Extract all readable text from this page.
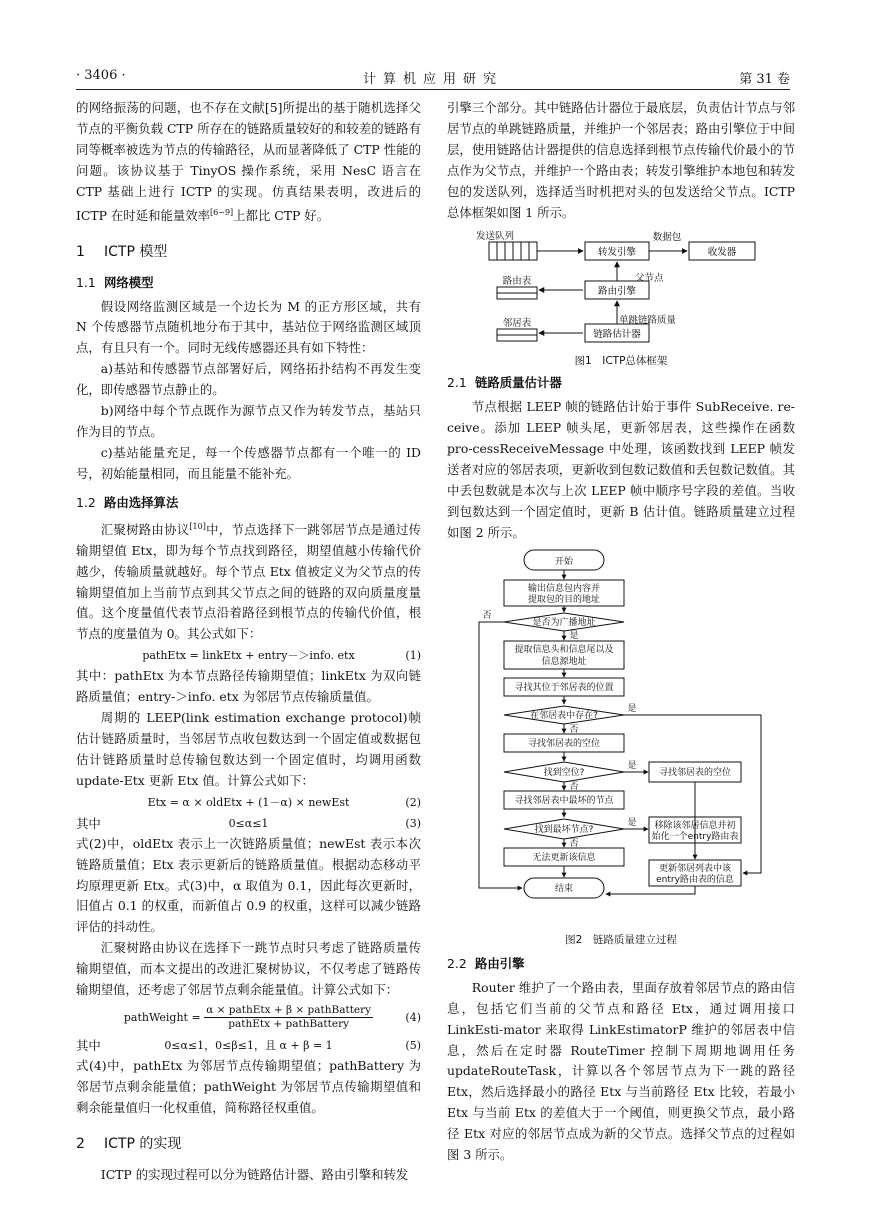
· 3406 ·	计算机应用研究	第 31 卷

的网络振荡的问题，也不存在文献[5]所提出的基于随机选择父节点的平衡负载 CTP 所存在的链路质量较好的和较差的链路有同等概率被选为节点的传输路径，从而显著降低了 CTP 性能的问题。该协议基于 TinyOS 操作系统，采用 NesC 语言在 CTP 基础上进行 ICTP 的实现。仿真结果表明，改进后的 ICTP 在时延和能量效率[6~9]上都比 CTP 好。

1 ICTP 模型
1.1 网络模型

假设网络监测区域是一个边长为 M 的正方形区域，共有 N 个传感器节点随机地分布于其中，基站位于网络监测区域顶点，有且只有一个。同时无线传感器还具有如下特性：

a)基站和传感器节点部署好后，网络拓扑结构不再发生变化，即传感器节点静止的。

b)网络中每个节点既作为源节点又作为转发节点，基站只作为目的节点。

c)基站能量充足，每一个传感器节点都有一个唯一的 ID 号，初始能量相同，而且能量不能补充。

1.2 路由选择算法

汇聚树路由协议[10]中，节点选择下一跳邻居节点是通过传输期望值 Etx，即为每个节点找到路径，期望值越小传输代价越少，传输质量就越好。每个节点 Etx 值被定义为父节点的传输期望值加上当前节点到其父节点之间的链路的双向质量度量值。这个度量值代表节点沿着路径到根节点的传输代价值，根节点的度量值为 0。其公式如下：

pathEtx = linkEtx + entry－＞info. etx	(1)

其中：pathEtx 为本节点路径传输期望值；linkEtx 为双向链路质量值；entry-＞info. etx 为邻居节点传输质量值。

周期的 LEEP(link estimation exchange protocol)帧估计链路质量时，当邻居节点收包数达到一个固定值或数据包估计链路质量时总传输包数达到一个固定值时，均调用函数 update-Etx 更新 Etx 值。计算公式如下：

Etx = α × oldEtx + (1－α) × newEst	(2)
其中	0≤α≤1	(3)

式(2)中，oldEtx 表示上一次链路质量值；newEst 表示本次链路质量值；Etx 表示更新后的链路质量值。根据动态移动平均原理更新 Etx。式(3)中，α 取值为 0.1，因此每次更新时，旧值占 0.1 的权重，而新值占 0.9 的权重，这样可以减少链路评估的抖动性。

汇聚树路由协议在选择下一跳节点时只考虑了链路质量传输期望值，而本文提出的改进汇聚树协议，不仅考虑了链路传输期望值，还考虑了邻居节点剩余能量值。计算公式如下：

pathWeight = $\frac{\text{α × pathEtx + β × pathBattery}}{\text{pathEtx + pathBattery}}$	(4)
其中	0≤α≤1，0≤β≤1，且 α + β = 1	(5)

式(4)中，pathEtx 为邻居节点传输期望值；pathBattery 为邻居节点剩余能量值；pathWeight 为邻居节点传输期望值和剩余能量值归一化权重值，简称路径权重值。

2 ICTP 的实现

ICTP 的实现过程可以分为链路估计器、路由引擎和转发

引擎三个部分。其中链路估计器位于最底层，负责估计节点与邻居节点的单跳链路质量，并维护一个邻居表；路由引擎位于中间层，使用链路估计器提供的信息选择到根节点传输代价最小的节点作为父节点，并维护一个路由表；转发引擎维护本地包和转发包的发送队列，选择适当时机把对头的包发送给父节点。ICTP 总体框架如图 1 所示。

发送队列	数据包
路由表	父节点
邻居表	单跳链路质量
转发引擎	收发器
路由引擎
链路估计器
图1　ICTP总体框架
2.1 链路质量估计器

节点根据 LEEP 帧的链路估计始于事件 SubReceive. re-ceive。添加 LEEP 帧头尾，更新邻居表，这些操作在函数 pro-cessReceiveMessage 中处理，该函数找到 LEEP 帧发送者对应的邻居表项，更新收到包数记数值和丢包数记数值。其中丢包数就是本次与上次 LEEP 帧中顺序号字段的差值。当收到包数达到一个固定值时，更新 B 估计值。链路质量建立过程如图 2 所示。

开始
输出信息包内容并
提取包的目的地址
是否为广播地址
提取信息头和信息尾以及
信息源地址
寻找其位于邻居表的位置
在邻居表中存在?
寻找邻居表的空位
找到空位?	寻找邻居表的空位
寻找邻居表中最坏的节点
找到最坏节点?	移除该邻居信息并初
始化一个entry路由表
无法更新该信息
更新邻居列表中该
entry路由表的信息
结束
否
是
是
否
是
否
是
否
图2　链路质量建立过程
2.2 路由引擎

Router 维护了一个路由表，里面存放着邻居节点的路由信息，包括它们当前的父节点和路径 Etx，通过调用接口 LinkEsti-mator 来取得 LinkEstimatorP 维护的邻居表中信息，然后在定时器 RouteTimer 控制下周期地调用任务 updateRouteTask，计算以各个邻居节点为下一跳的路径 Etx，然后选择最小的路径 Etx 与当前路径 Etx 比较，若最小 Etx 与当前 Etx 的差值大于一个阈值，则更换父节点，最小路径 Etx 对应的邻居节点成为新的父节点。选择父节点的过程如图 3 所示。
